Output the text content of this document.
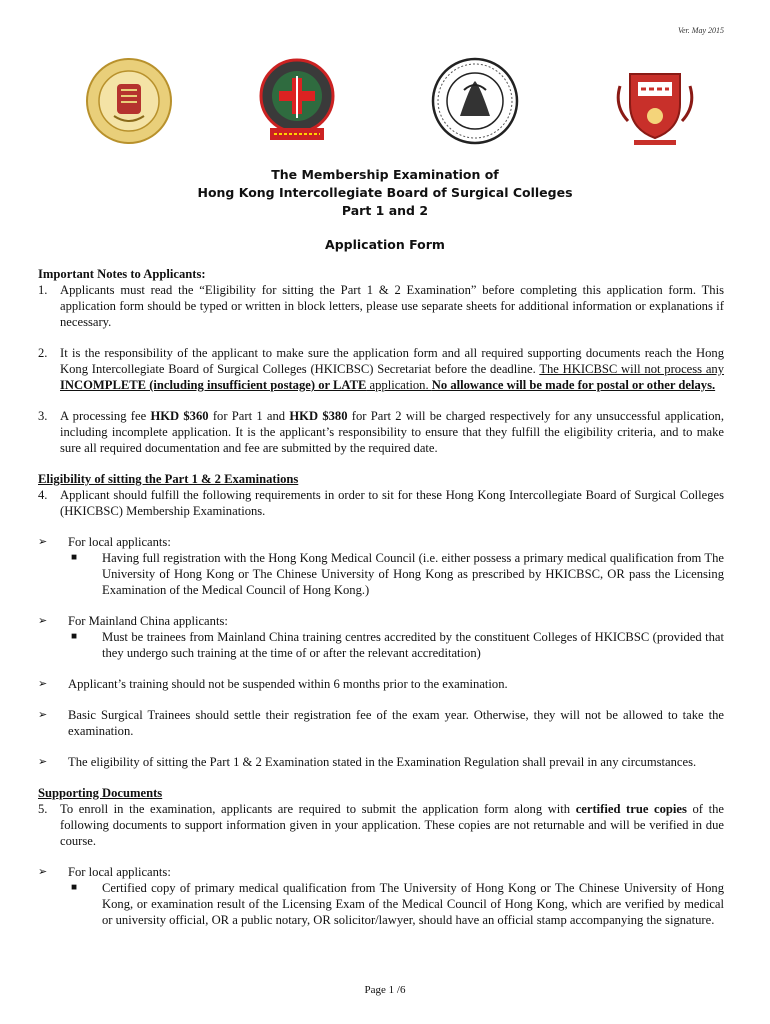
Ver. May 2015
The Membership Examination of
Hong Kong Intercollegiate Board of Surgical Colleges
Part 1 and 2
Application Form
Important Notes to Applicants:
1. Applicants must read the “Eligibility for sitting the Part 1 & 2 Examination” before completing this application form. This application form should be typed or written in block letters, please use separate sheets for additional information or explanations if necessary.
2. It is the responsibility of the applicant to make sure the application form and all required supporting documents reach the Hong Kong Intercollegiate Board of Surgical Colleges (HKICBSC) Secretariat before the deadline. The HKICBSC will not process any INCOMPLETE (including insufficient postage) or LATE application. No allowance will be made for postal or other delays.
3. A processing fee HKD $360 for Part 1 and HKD $380 for Part 2 will be charged respectively for any unsuccessful application, including incomplete application. It is the applicant’s responsibility to ensure that they fulfill the eligibility criteria, and to make sure all required documentation and fee are submitted by the required date.
Eligibility of sitting the Part 1 & 2 Examinations
4. Applicant should fulfill the following requirements in order to sit for these Hong Kong Intercollegiate Board of Surgical Colleges (HKICBSC) Membership Examinations.
➢	For local applicants:
■	Having full registration with the Hong Kong Medical Council (i.e. either possess a primary medical qualification from The University of Hong Kong or The Chinese University of Hong Kong as prescribed by HKICBSC, OR pass the Licensing Examination of the Medical Council of Hong Kong.)
➢	For Mainland China applicants:
■	Must be trainees from Mainland China training centres accredited by the constituent Colleges of HKICBSC (provided that they undergo such training at the time of or after the relevant accreditation)
➢	Applicant’s training should not be suspended within 6 months prior to the examination.
➢	Basic Surgical Trainees should settle their registration fee of the exam year. Otherwise, they will not be allowed to take the examination.
➢	The eligibility of sitting the Part 1 & 2 Examination stated in the Examination Regulation shall prevail in any circumstances.
Supporting Documents
5. To enroll in the examination, applicants are required to submit the application form along with certified true copies of the following documents to support information given in your application. These copies are not returnable and will be verified in due course.
➢	For local applicants:
■	Certified copy of primary medical qualification from The University of Hong Kong or The Chinese University of Hong Kong, or examination result of the Licensing Exam of the Medical Council of Hong Kong, which are verified by medical or university official, OR a public notary, OR solicitor/lawyer, should have an official stamp accompanying the signature.
Page 1 /6
